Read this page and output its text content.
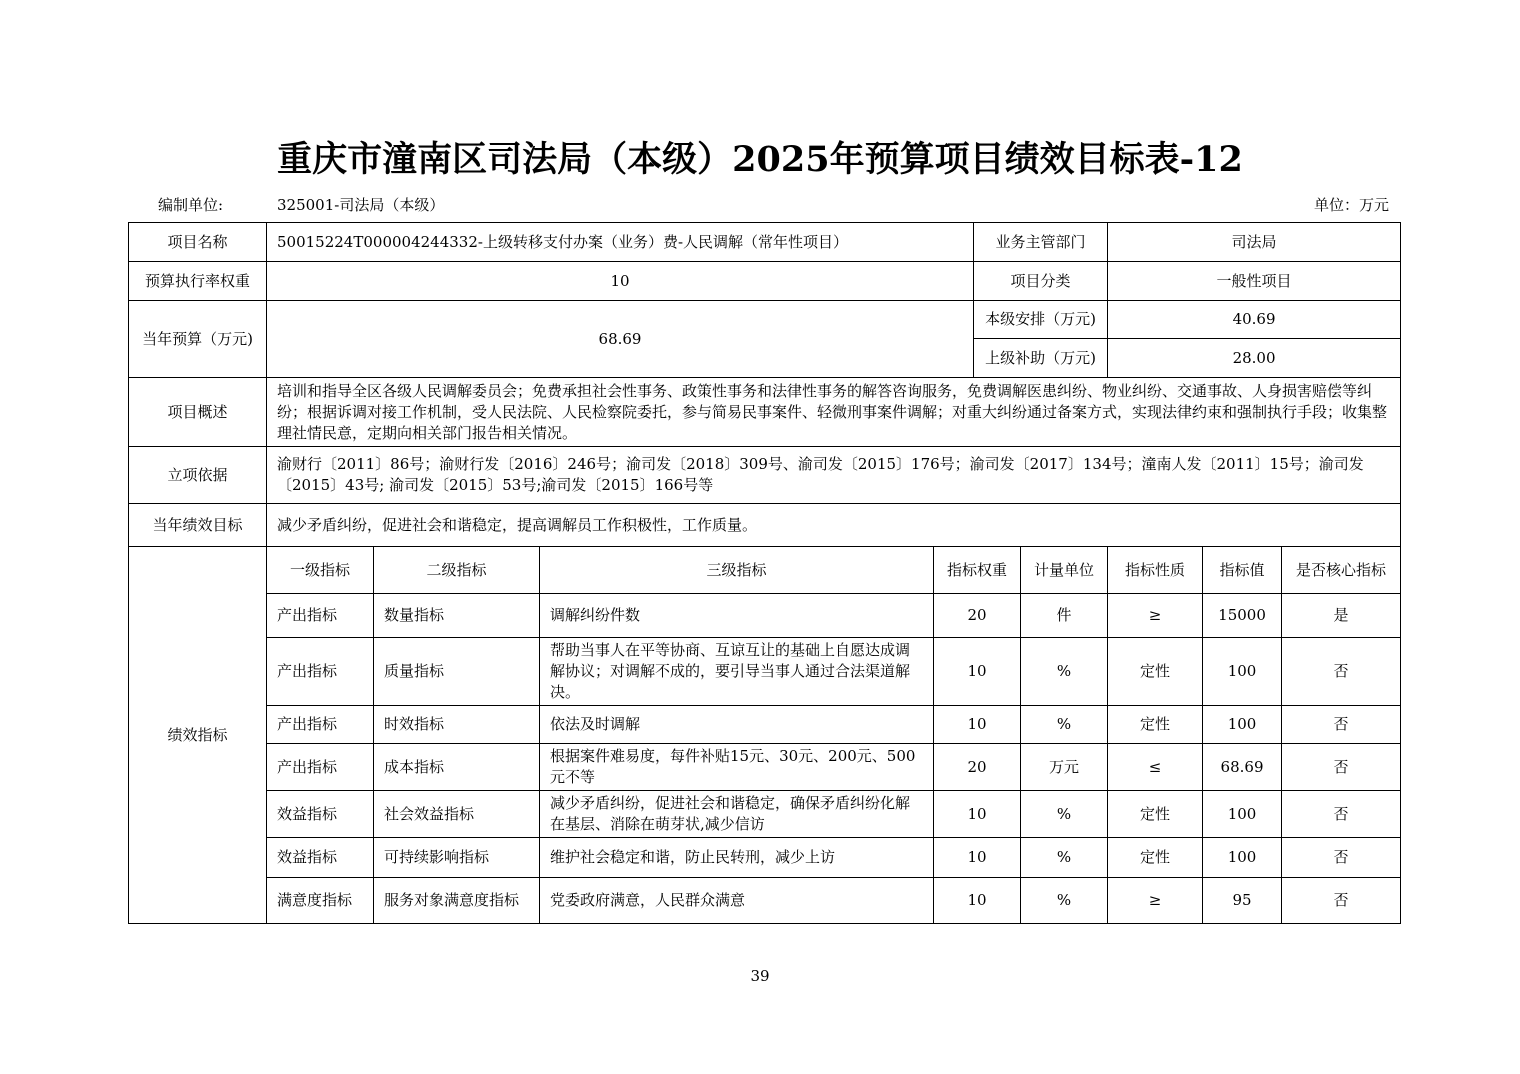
重庆市潼南区司法局（本级）2025年预算项目绩效目标表-12
编制单位:	325001-司法局（本级）	单位：万元
项目名称	50015224T000004244332-上级转移支付办案（业务）费-人民调解（常年性项目）				业务主管部门		司法局		
预算执行率权重	10				项目分类		一般性项目		
当年预算（万元)	68.69				本级安排（万元)		40.69		
					上级补助（万元)		28.00		
项目概述	培训和指导全区各级人民调解委员会；免费承担社会性事务、政策性事务和法律性事务的解答咨询服务，免费调解医患纠纷、物业纠纷、交通事故、人身损害赔偿等纠纷；根据诉调对接工作机制，受人民法院、人民检察院委托，参与简易民事案件、轻微刑事案件调解；对重大纠纷通过备案方式，实现法律约束和强制执行手段；收集整理社情民意，定期向相关部门报告相关情况。								
立项依据	渝财行〔2011〕86号；渝财行发〔2016〕246号；渝司发〔2018〕309号、渝司发〔2015〕176号；渝司发〔2017〕134号；潼南人发〔2011〕15号；渝司发〔2015〕43号; 渝司发〔2015〕53号;渝司发〔2015〕166号等								
当年绩效目标	减少矛盾纠纷，促进社会和谐稳定，提高调解员工作积极性，工作质量。								
绩效指标	一级指标	二级指标	三级指标	指标权重		计量单位	指标性质	指标值	是否核心指标
	产出指标	数量指标	调解纠纷件数	20		件	≥	15000	是
	产出指标	质量指标	帮助当事人在平等协商、互谅互让的基础上自愿达成调解协议；对调解不成的，要引导当事人通过合法渠道解决。	10		%	定性	100	否
	产出指标	时效指标	依法及时调解	10		%	定性	100	否
	产出指标	成本指标	根据案件难易度，每件补贴15元、30元、200元、500元不等	20		万元	≤	68.69	否
	效益指标	社会效益指标	减少矛盾纠纷，促进社会和谐稳定，确保矛盾纠纷化解在基层、消除在萌芽状,减少信访	10		%	定性	100	否
	效益指标	可持续影响指标	维护社会稳定和谐，防止民转刑，减少上访	10		%	定性	100	否
	满意度指标	服务对象满意度指标	党委政府满意，人民群众满意	10		%	≥	95	否
39
